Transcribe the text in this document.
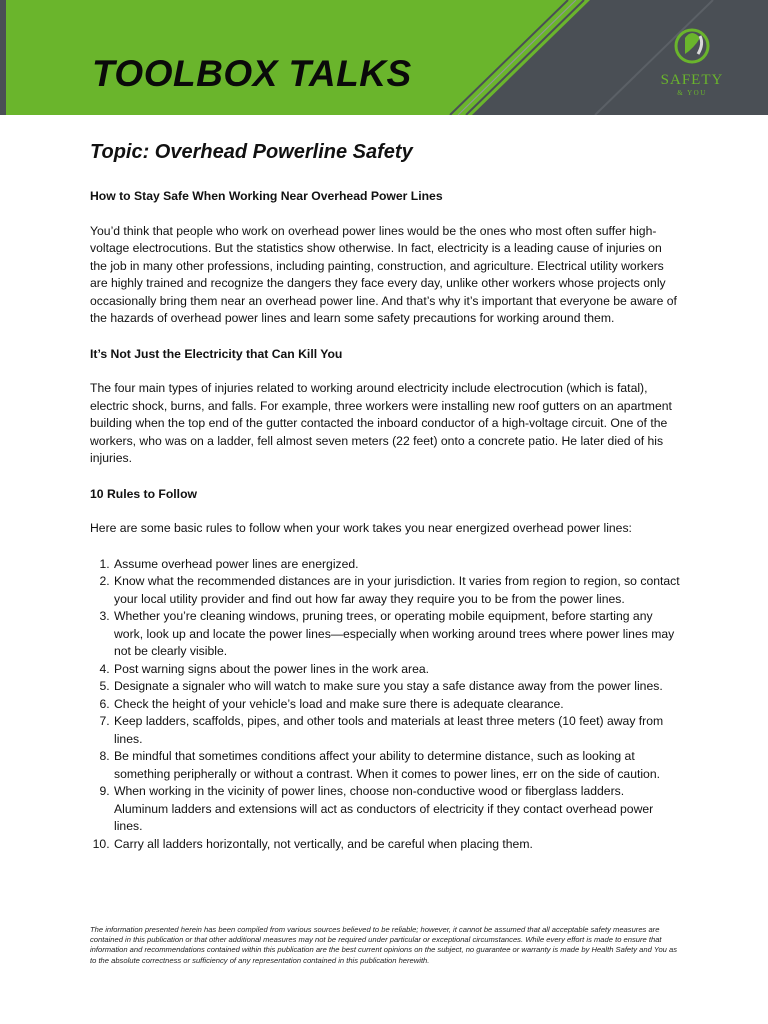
TOOLBOX TALKS	SAFETY
& YOU
Topic: Overhead Powerline Safety
How to Stay Safe When Working Near Overhead Power Lines

You’d think that people who work on overhead power lines would be the ones who most often suffer high-voltage electrocutions. But the statistics show otherwise. In fact, electricity is a leading cause of injuries on the job in many other professions, including painting, construction, and agriculture. Electrical utility workers are highly trained and recognize the dangers they face every day, unlike other workers whose projects only occasionally bring them near an overhead power line. And that’s why it’s important that everyone be aware of the hazards of overhead power lines and learn some safety precautions for working around them.

It’s Not Just the Electricity that Can Kill You

The four main types of injuries related to working around electricity include electrocution (which is fatal), electric shock, burns, and falls. For example, three workers were installing new roof gutters on an apartment building when the top end of the gutter contacted the inboard conductor of a high-voltage circuit. One of the workers, who was on a ladder, fell almost seven meters (22 feet) onto a concrete patio. He later died of his injuries.

10 Rules to Follow

Here are some basic rules to follow when your work takes you near energized overhead power lines:

1. Assume overhead power lines are energized.
2. Know what the recommended distances are in your jurisdiction. It varies from region to region, so contact your local utility provider and find out how far away they require you to be from the power lines.
3. Whether you’re cleaning windows, pruning trees, or operating mobile equipment, before starting any work, look up and locate the power lines—especially when working around trees where power lines may not be clearly visible.
4. Post warning signs about the power lines in the work area.
5. Designate a signaler who will watch to make sure you stay a safe distance away from the power lines.
6. Check the height of your vehicle’s load and make sure there is adequate clearance.
7. Keep ladders, scaffolds, pipes, and other tools and materials at least three meters (10 feet) away from lines.
8. Be mindful that sometimes conditions affect your ability to determine distance, such as looking at something peripherally or without a contrast. When it comes to power lines, err on the side of caution.
9. When working in the vicinity of power lines, choose non-conductive wood or fiberglass ladders. Aluminum ladders and extensions will act as conductors of electricity if they contact overhead power lines.
10. Carry all ladders horizontally, not vertically, and be careful when placing them.
The information presented herein has been compiled from various sources believed to be reliable; however, it cannot be assumed that all acceptable safety measures are contained in this publication or that other additional measures may not be required under particular or exceptional circumstances. While every effort is made to ensure that information and recommendations contained within this publication are the best current opinions on the subject, no guarantee or warranty is made by Health Safety and You as to the absolute correctness or sufficiency of any representation contained in this publication herewith.
